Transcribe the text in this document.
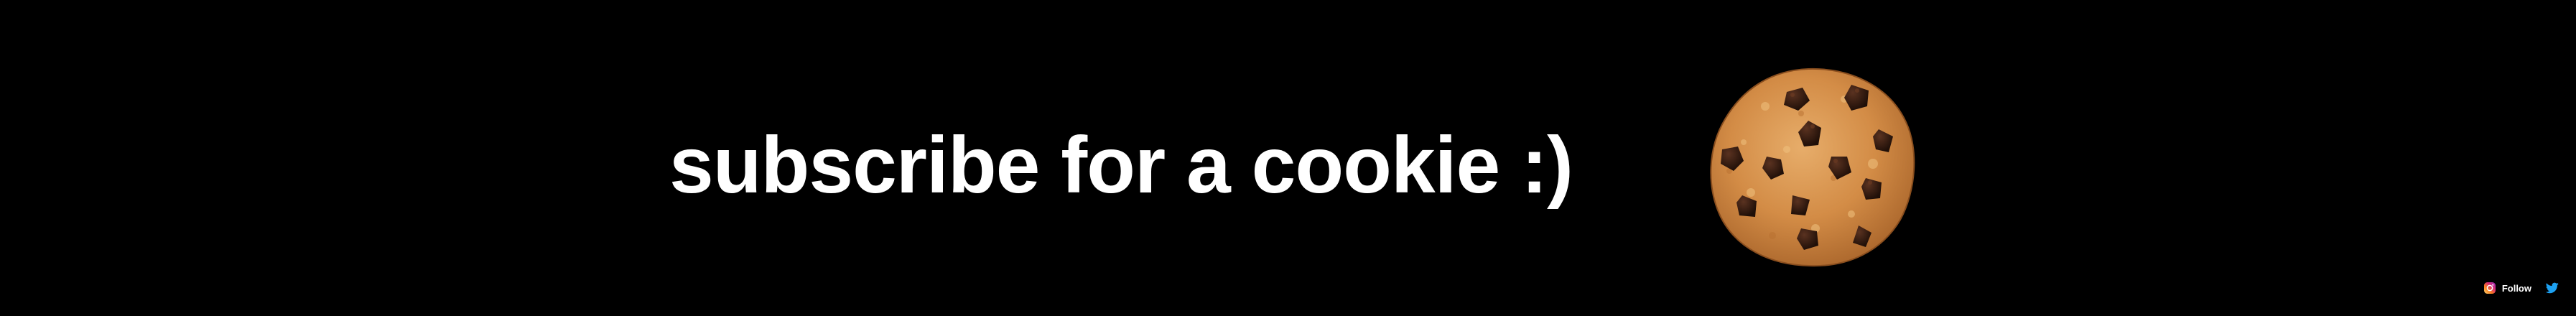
subscribe for a cookie :)
Follow
